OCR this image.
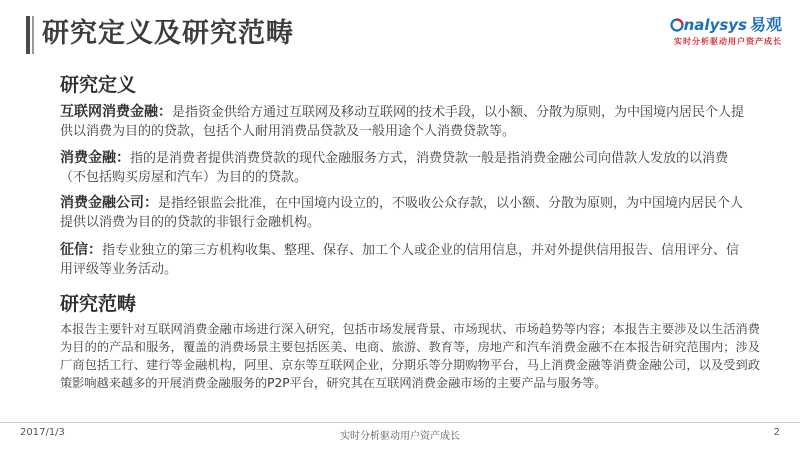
研究定义及研究范畴	nalysys 易观
实时分析驱动用户资产成长
研究定义
互联网消费金融：是指资金供给方通过互联网及移动互联网的技术手段，以小额、分散为原则，为中国境内居民个人提供以消费为目的的贷款，包括个人耐用消费品贷款及一般用途个人消费贷款等。
消费金融：指的是消费者提供消费贷款的现代金融服务方式，消费贷款一般是指消费金融公司向借款人发放的以消费（不包括购买房屋和汽车）为目的的贷款。
消费金融公司：是指经银监会批准，在中国境内设立的，不吸收公众存款，以小额、分散为原则，为中国境内居民个人提供以消费为目的的贷款的非银行金融机构。
征信：指专业独立的第三方机构收集、整理、保存、加工个人或企业的信用信息，并对外提供信用报告、信用评分、信用评级等业务活动。
研究范畴
本报告主要针对互联网消费金融市场进行深入研究，包括市场发展背景、市场现状、市场趋势等内容；本报告主要涉及以生活消费为目的的产品和服务，覆盖的消费场景主要包括医美、电商、旅游、教育等，房地产和汽车消费金融不在本报告研究范围内；涉及厂商包括工行、建行等金融机构，阿里、京东等互联网企业，分期乐等分期购物平台，马上消费金融等消费金融公司，以及受到政策影响越来越多的开展消费金融服务的P2P平台，研究其在互联网消费金融市场的主要产品与服务等。
2017/1/3	实时分析驱动用户资产成长	2
